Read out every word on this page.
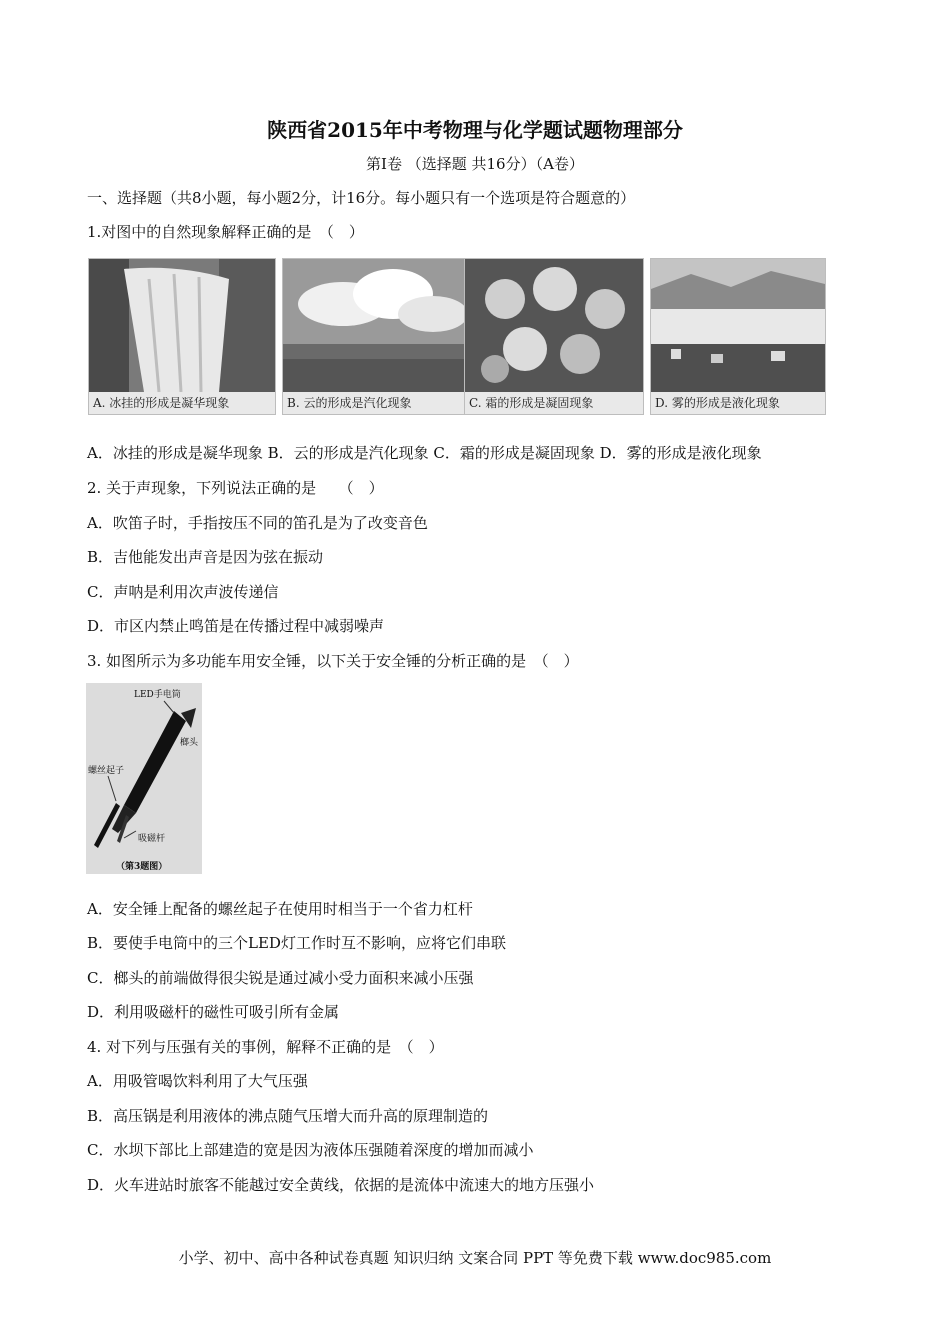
陕西省2015年中考物理与化学题试题物理部分
第Ⅰ卷 （选择题 共16分）（A卷）
一、选择题（共8小题，每小题2分，计16分。每小题只有一个选项是符合题意的）
1.对图中的自然现象解释正确的是　（　）
A. 冰挂的形成是凝华现象	B. 云的形成是汽化现象	C. 霜的形成是凝固现象	D. 雾的形成是液化现象
A．冰挂的形成是凝华现象 B．云的形成是汽化现象 C．霜的形成是凝固现象 D．雾的形成是液化现象
2. 关于声现象，下列说法正确的是　　（　）
A．吹笛子时，手指按压不同的笛孔是为了改变音色
B．吉他能发出声音是因为弦在振动
C．声呐是利用次声波传递信
D．市区内禁止鸣笛是在传播过程中减弱噪声
3. 如图所示为多功能车用安全锤，以下关于安全锤的分析正确的是　（　）
LED手电筒
榔头
螺丝起子
吸磁杆
（第3题图）
A．安全锤上配备的螺丝起子在使用时相当于一个省力杠杆
B．要使手电筒中的三个LED灯工作时互不影响，应将它们串联
C．榔头的前端做得很尖锐是通过减小受力面积来减小压强
D．利用吸磁杆的磁性可吸引所有金属
4. 对下列与压强有关的事例，解释不正确的是　（　）
A．用吸管喝饮料利用了大气压强
B．高压锅是利用液体的沸点随气压增大而升高的原理制造的
C．水坝下部比上部建造的宽是因为液体压强随着深度的增加而减小
D．火车进站时旅客不能越过安全黄线，依据的是流体中流速大的地方压强小
小学、初中、高中各种试卷真题 知识归纳 文案合同 PPT 等免费下载 www.doc985.com
